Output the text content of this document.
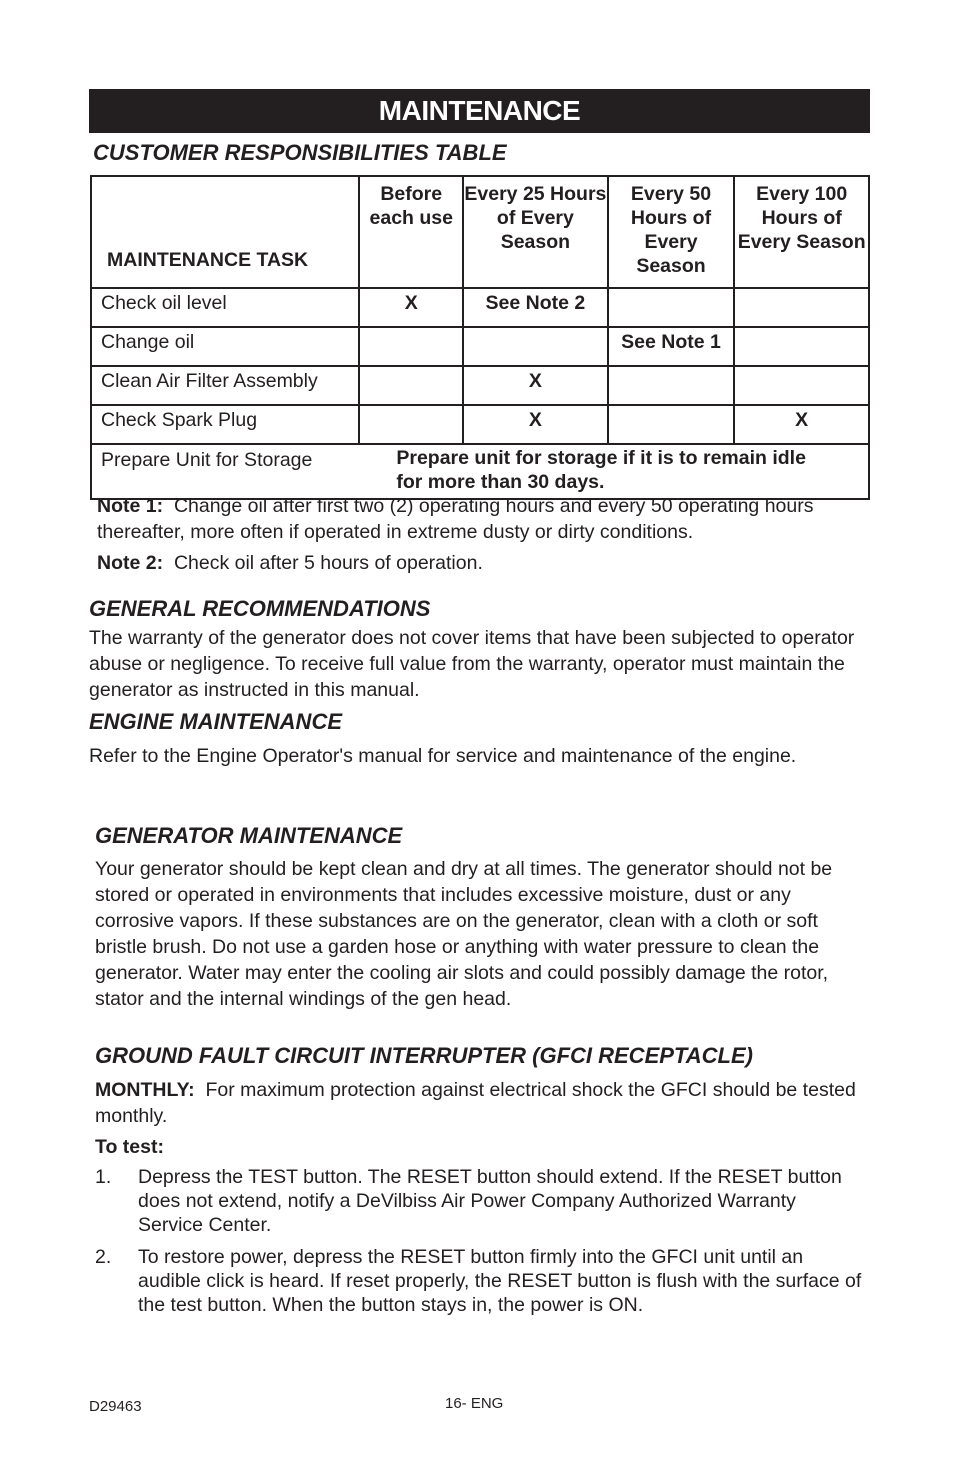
MAINTENANCE
CUSTOMER RESPONSIBILITIES TABLE
MAINTENANCE TASK	Before each use	Every 25 Hours of Every Season	Every 50 Hours of Every Season	Every 100 Hours of Every Season
Check oil level	X	See Note 2		
Change oil			See Note 1	
Clean Air Filter Assembly		X		
Check Spark Plug		X		X
Prepare Unit for Storage	Prepare unit for storage if it is to remain idle for more than 30 days.			

Note 1: Change oil after first two (2) operating hours and every 50 operating hours thereafter, more often if operated in extreme dusty or dirty conditions.

Note 2: Check oil after 5 hours of operation.

GENERAL RECOMMENDATIONS

The warranty of the generator does not cover items that have been subjected to operator abuse or negligence. To receive full value from the warranty, operator must maintain the generator as instructed in this manual.

ENGINE MAINTENANCE

Refer to the Engine Operator's manual for service and maintenance of the engine.

GENERATOR MAINTENANCE

Your generator should be kept clean and dry at all times. The generator should not be stored or operated in environments that includes excessive moisture, dust or any corrosive vapors. If these substances are on the generator, clean with a cloth or soft bristle brush. Do not use a garden hose or anything with water pressure to clean the generator. Water may enter the cooling air slots and could possibly damage the rotor, stator and the internal windings of the gen head.

GROUND FAULT CIRCUIT INTERRUPTER (GFCI RECEPTACLE)

MONTHLY: For maximum protection against electrical shock the GFCI should be tested monthly.

To test:

1. Depress the TEST button. The RESET button should extend. If the RESET button does not extend, notify a DeVilbiss Air Power Company Authorized Warranty Service Center.
2. To restore power, depress the RESET button firmly into the GFCI unit until an audible click is heard. If reset properly, the RESET button is flush with the surface of the test button. When the button stays in, the power is ON.

D29463	16- ENG
